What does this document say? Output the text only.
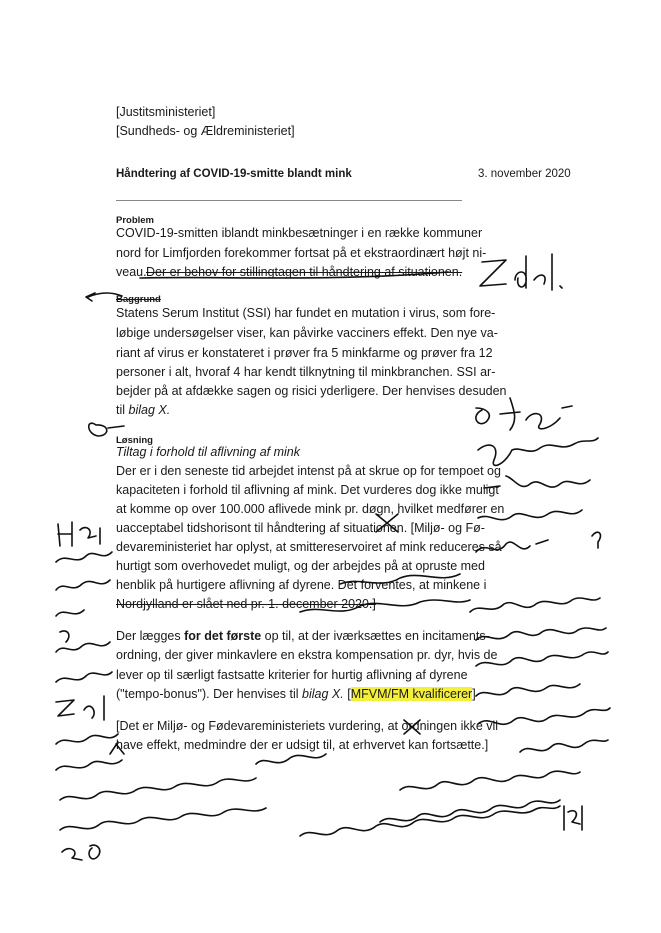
[Justitsministeriet]
[Sundheds- og Ældreministeriet]
Håndtering af COVID-19-smitte blandt mink	3. november 2020
Problem
COVID-19-smitten iblandt minkbesætninger i en række kommuner
nord for Limfjorden forekommer fortsat på et ekstraordinært højt ni-
veau. Der er behov for stillingtagen til håndtering af situationen.
Baggrund
Statens Serum Institut (SSI) har fundet en mutation i virus, som fore-
løbige undersøgelser viser, kan påvirke vacciners effekt. Den nye va-
riant af virus er konstateret i prøver fra 5 minkfarme og prøver fra 12
personer i alt, hvoraf 4 har kendt tilknytning til minkbranchen. SSI ar-
bejder på at afdække sagen og risici yderligere. Der henvises desuden
til bilag X.
Løsning
Tiltag i forhold til aflivning af mink
Der er i den seneste tid arbejdet intenst på at skrue op for tempoet og
kapaciteten i forhold til aflivning af mink. Det vurderes dog ikke muligt
at komme op over 100.000 aflivede mink pr. døgn, hvilket medfører en
uacceptabel tidshorisont til håndtering af situationen. [Miljø- og Fø-
devareministeriet har oplyst, at smittereservoiret af mink reduceres så
hurtigt som overhovedet muligt, og der arbejdes på at opruste med
henblik på hurtigere aflivning af dyrene. Det forventes, at minkene i
Nordjylland er slået ned pr. 1. december 2020.]
Der lægges for det første op til, at der iværksættes en incitaments-
ordning, der giver minkavlere en ekstra kompensation pr. dyr, hvis de
lever op til særligt fastsatte kriterier for hurtig aflivning af dyrene
("tempo-bonus"). Der henvises til bilag X. [MFVM/FM kvalificerer]
[Det er Miljø- og Fødevareministeriets vurdering, at ordningen ikke vil
have effekt, medmindre der er udsigt til, at erhvervet kan fortsætte.]
